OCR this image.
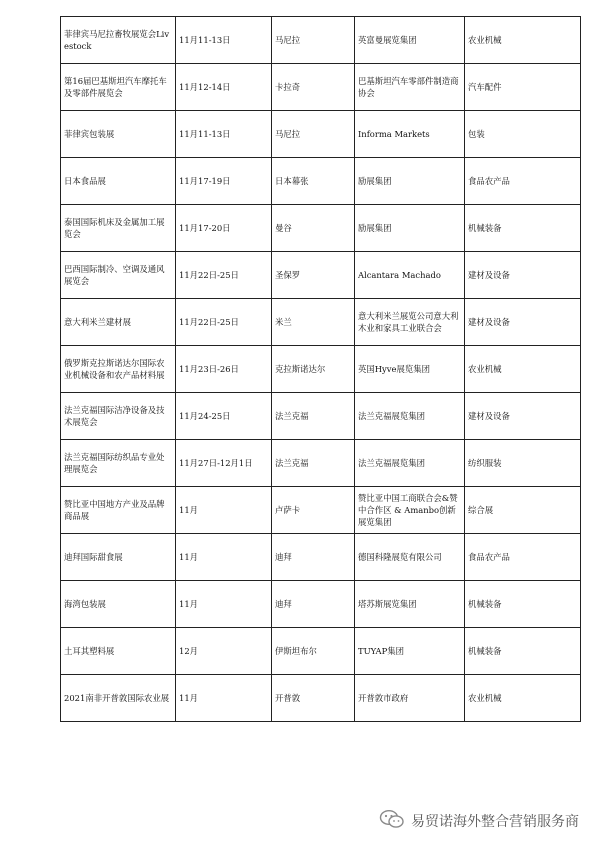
菲律宾马尼拉畜牧展览会Livestock	11月11-13日	马尼拉	英富曼展览集团	农业机械
第16届巴基斯坦汽车摩托车及零部件展览会	11月12-14日	卡拉奇	巴基斯坦汽车零部件制造商协会	汽车配件
菲律宾包装展	11月11-13日	马尼拉	Informa Markets	包装
日本食品展	11月17-19日	日本幕张	励展集团	食品农产品
泰国国际机床及金属加工展览会	11月17-20日	曼谷	励展集团	机械装备
巴西国际制冷、空调及通风展览会	11月22日-25日	圣保罗	Alcantara Machado	建材及设备
意大利米兰建材展	11月22日-25日	米兰	意大利米兰展览公司意大利木业和家具工业联合会	建材及设备
俄罗斯克拉斯诺达尔国际农业机械设备和农产品材料展	11月23日-26日	克拉斯诺达尔	英国Hyve展览集团	农业机械
法兰克福国际洁净设备及技术展览会	11月24-25日	法兰克福	法兰克福展览集团	建材及设备
法兰克福国际纺织品专业处理展览会	11月27日-12月1日	法兰克福	法兰克福展览集团	纺织服装
赞比亚中国地方产业及品牌商品展	11月	卢萨卡	赞比亚中国工商联合会&赞中合作区 & Amanbo创新展览集团	综合展
迪拜国际甜食展	11月	迪拜	德国科隆展览有限公司	食品农产品
海湾包装展	11月	迪拜	塔苏斯展览集团	机械装备
土耳其塑料展	12月	伊斯坦布尔	TUYAP集团	机械装备
2021南非开普敦国际农业展	11月	开普敦	开普敦市政府	农业机械
易贸诺海外整合营销服务商
